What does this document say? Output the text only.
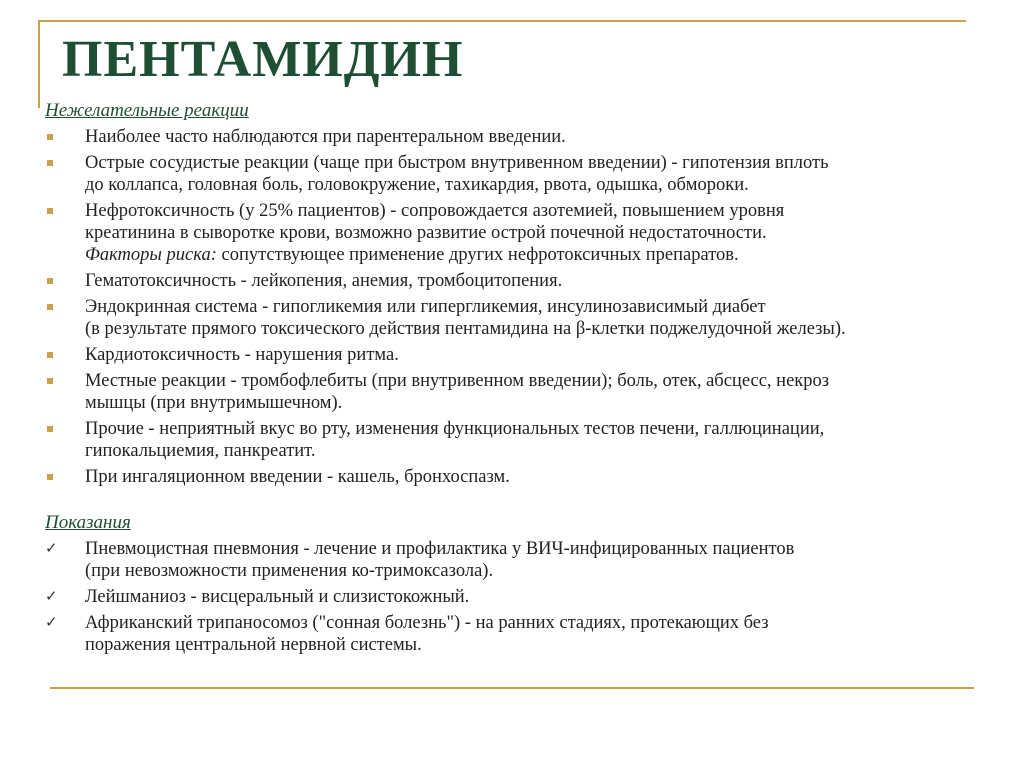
ПЕНТАМИДИН

Нежелательные реакции

Наиболее часто наблюдаются при парентеральном введении.
Острые сосудистые реакции (чаще при быстром внутривенном введении) - гипотензия вплоть
до коллапса, головная боль, головокружение, тахикардия, рвота, одышка, обмороки.
Нефротоксичность (у 25% пациентов) - сопровождается азотемией, повышением уровня
креатинина в сыворотке крови, возможно развитие острой почечной недостаточности.
Факторы риска: сопутствующее применение других нефротоксичных препаратов.
Гематотоксичность - лейкопения, анемия, тромбоцитопения.
Эндокринная система - гипогликемия или гипергликемия, инсулинозависимый диабет
(в результате прямого токсического действия пентамидина на β-клетки поджелудочной железы).
Кардиотоксичность - нарушения ритма.
Местные реакции - тромбофлебиты (при внутривенном введении); боль, отек, абсцесс, некроз
мышцы (при внутримышечном).
Прочие - неприятный вкус во рту, изменения функциональных тестов печени, галлюцинации,
гипокальциемия, панкреатит.
При ингаляционном введении - кашель, бронхоспазм.

Показания

✓ Пневмоцистная пневмония - лечение и профилактика у ВИЧ-инфицированных пациентов
(при невозможности применения ко-тримоксазола).
✓ Лейшманиоз - висцеральный и слизистокожный.
✓ Африканский трипаносомоз ("сонная болезнь") - на ранних стадиях, протекающих без
поражения центральной нервной системы.
